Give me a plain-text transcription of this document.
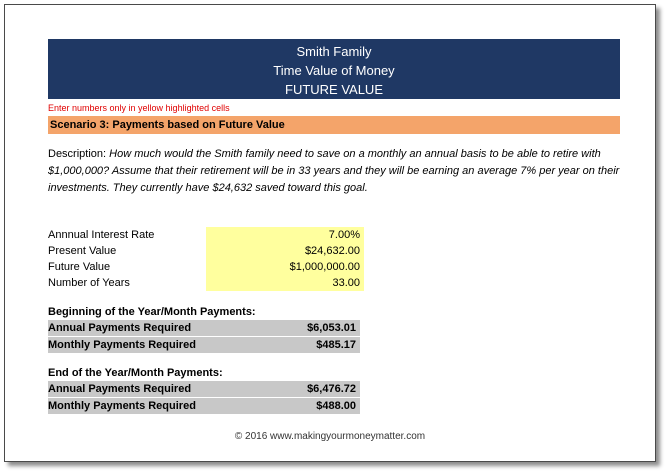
Smith Family
Time Value of Money
FUTURE VALUE
Enter numbers only in yellow highlighted cells
Scenario 3: Payments based on Future Value
Description: How much would the Smith family need to save on a monthly an annual basis to be able to retire with $1,000,000? Assume that their retirement will be in 33 years and they will be earning an average 7% per year on their investments. They currently have $24,632 saved toward this goal.
Annnual Interest Rate	7.00%
Present Value	$24,632.00
Future Value	$1,000,000.00
Number of Years	33.00
Beginning of the Year/Month Payments:
Annual Payments Required	$6,053.01
Monthly Payments Required	$485.17
End of the Year/Month Payments:
Annual Payments Required	$6,476.72
Monthly Payments Required	$488.00
© 2016 www.makingyourmoneymatter.com
